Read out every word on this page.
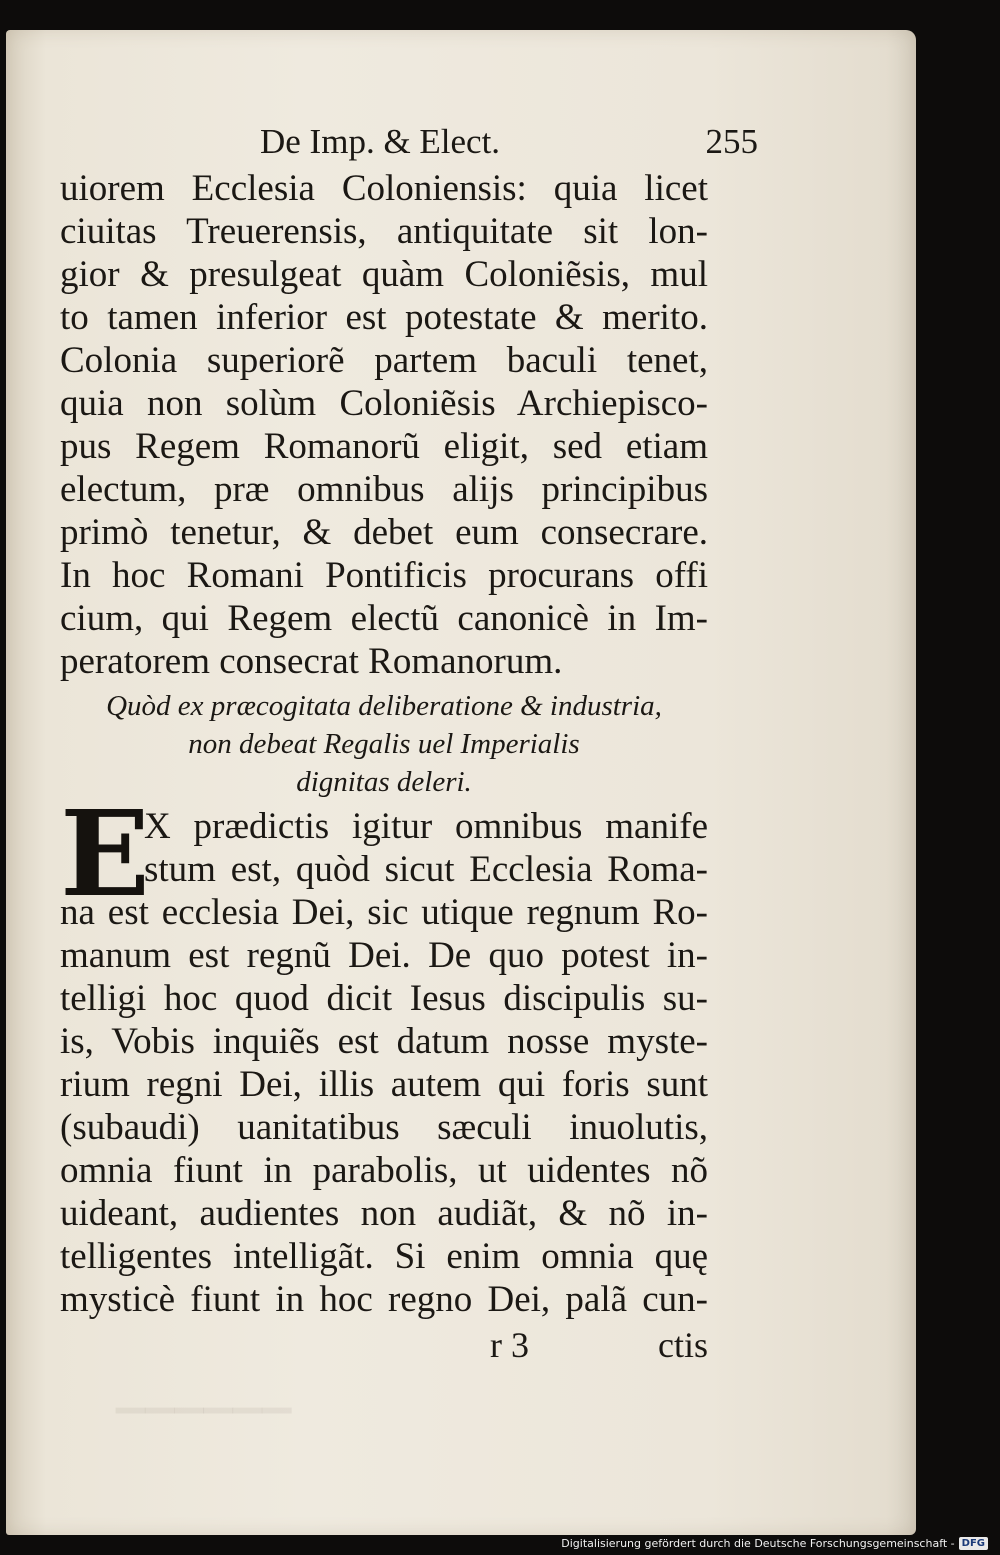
▁▁▁▁▁▁
De Imp. & Elect.	255
uiorem Ecclesia Coloniensis: quia licet
ciuitas Treuerensis, antiquitate sit lon-
gior & presulgeat quàm Coloniẽsis, mul
to tamen inferior est potestate & merito.
Colonia superiorẽ partem baculi tenet,
quia non solùm Coloniẽsis Archiepisco-
pus Regem Romanorũ eligit, sed etiam
electum, præ omnibus alijs principibus
primò tenetur, & debet eum consecrare.
In hoc Romani Pontificis procurans offi
cium, qui Regem electũ canonicè in Im-
peratorem consecrat Romanorum.
Quòd ex præcogitata deliberatione & industria,
non debeat Regalis uel Imperialis
dignitas deleri.
E
X prædictis igitur omnibus manife
stum est, quòd sicut Ecclesia Roma-
na est ecclesia Dei, sic utique regnum Ro-
manum est regnũ Dei. De quo potest in-
telligi hoc quod dicit Iesus discipulis su-
is, Vobis inquiẽs est datum nosse myste-
rium regni Dei, illis autem qui foris sunt
(subaudi) uanitatibus sæculi inuolutis,
omnia fiunt in parabolis, ut uidentes nõ
uideant, audientes non audiãt, & nõ in-
telligentes intelligãt. Si enim omnia quę
mysticè fiunt in hoc regno Dei, palã cun-
r 3	ctis
Digitalisierung gefördert durch die Deutsche Forschungsgemeinschaft - DFG
